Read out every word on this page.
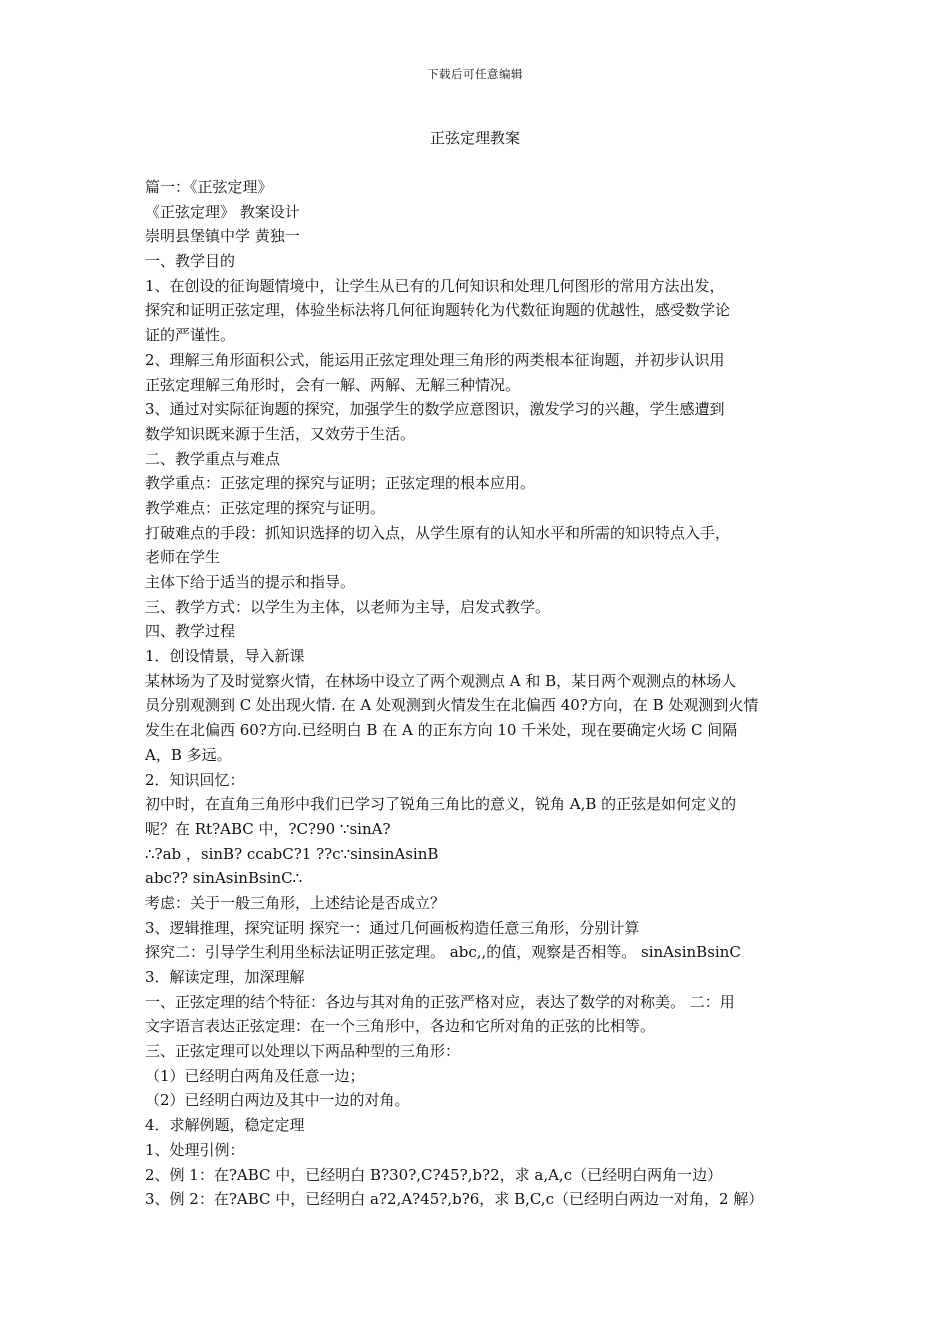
下载后可任意编辑
正弦定理教案
篇一：《正弦定理》
《正弦定理》 教案设计
崇明县堡镇中学 黄独一
一、教学目的
1、在创设的征询题情境中，让学生从已有的几何知识和处理几何图形的常用方法出发，
探究和证明正弦定理，体验坐标法将几何征询题转化为代数征询题的优越性，感受数学论
证的严谨性。
2、理解三角形面积公式，能运用正弦定理处理三角形的两类根本征询题，并初步认识用
正弦定理解三角形时，会有一解、两解、无解三种情况。
3、通过对实际征询题的探究，加强学生的数学应意图识，激发学习的兴趣，学生感遭到
数学知识既来源于生活，又效劳于生活。
二、教学重点与难点
教学重点：正弦定理的探究与证明；正弦定理的根本应用。
教学难点：正弦定理的探究与证明。
打破难点的手段：抓知识选择的切入点，从学生原有的认知水平和所需的知识特点入手，
老师在学生
主体下给于适当的提示和指导。
三、教学方式：以学生为主体，以老师为主导，启发式教学。
四、教学过程
1．创设情景，导入新课
某林场为了及时觉察火情，在林场中设立了两个观测点 A 和 B，某日两个观测点的林场人
员分别观测到 C 处出现火情. 在 A 处观测到火情发生在北偏西 40?方向，在 B 处观测到火情
发生在北偏西 60?方向.已经明白 B 在 A 的正东方向 10 千米处，现在要确定火场 C 间隔
A，B 多远。
2．知识回忆：
初中时，在直角三角形中我们已学习了锐角三角比的意义，锐角 A,B 的正弦是如何定义的
呢？在 Rt?ABC 中，?C?90 ∵sinA?
∴?ab ，sinB? ccabC?1 ??c∵sinsinAsinB
abc?? sinAsinBsinC∴
考虑：关于一般三角形，上述结论是否成立？
3、逻辑推理，探究证明 探究一：通过几何画板构造任意三角形，分别计算
探究二：引导学生利用坐标法证明正弦定理。 abc,,的值，观察是否相等。 sinAsinBsinC
3．解读定理，加深理解
一、正弦定理的结个特征：各边与其对角的正弦严格对应，表达了数学的对称美。 二：用
文字语言表达正弦定理：在一个三角形中，各边和它所对角的正弦的比相等。
三、正弦定理可以处理以下两品种型的三角形：
（1）已经明白两角及任意一边；
（2）已经明白两边及其中一边的对角。
4．求解例题，稳定定理
1、处理引例：
2、例 1：在?ABC 中，已经明白 B?30?,C?45?,b?2，求 a,A,c（已经明白两角一边）
3、例 2：在?ABC 中，已经明白 a?2,A?45?,b?6，求 B,C,c（已经明白两边一对角，2 解）
